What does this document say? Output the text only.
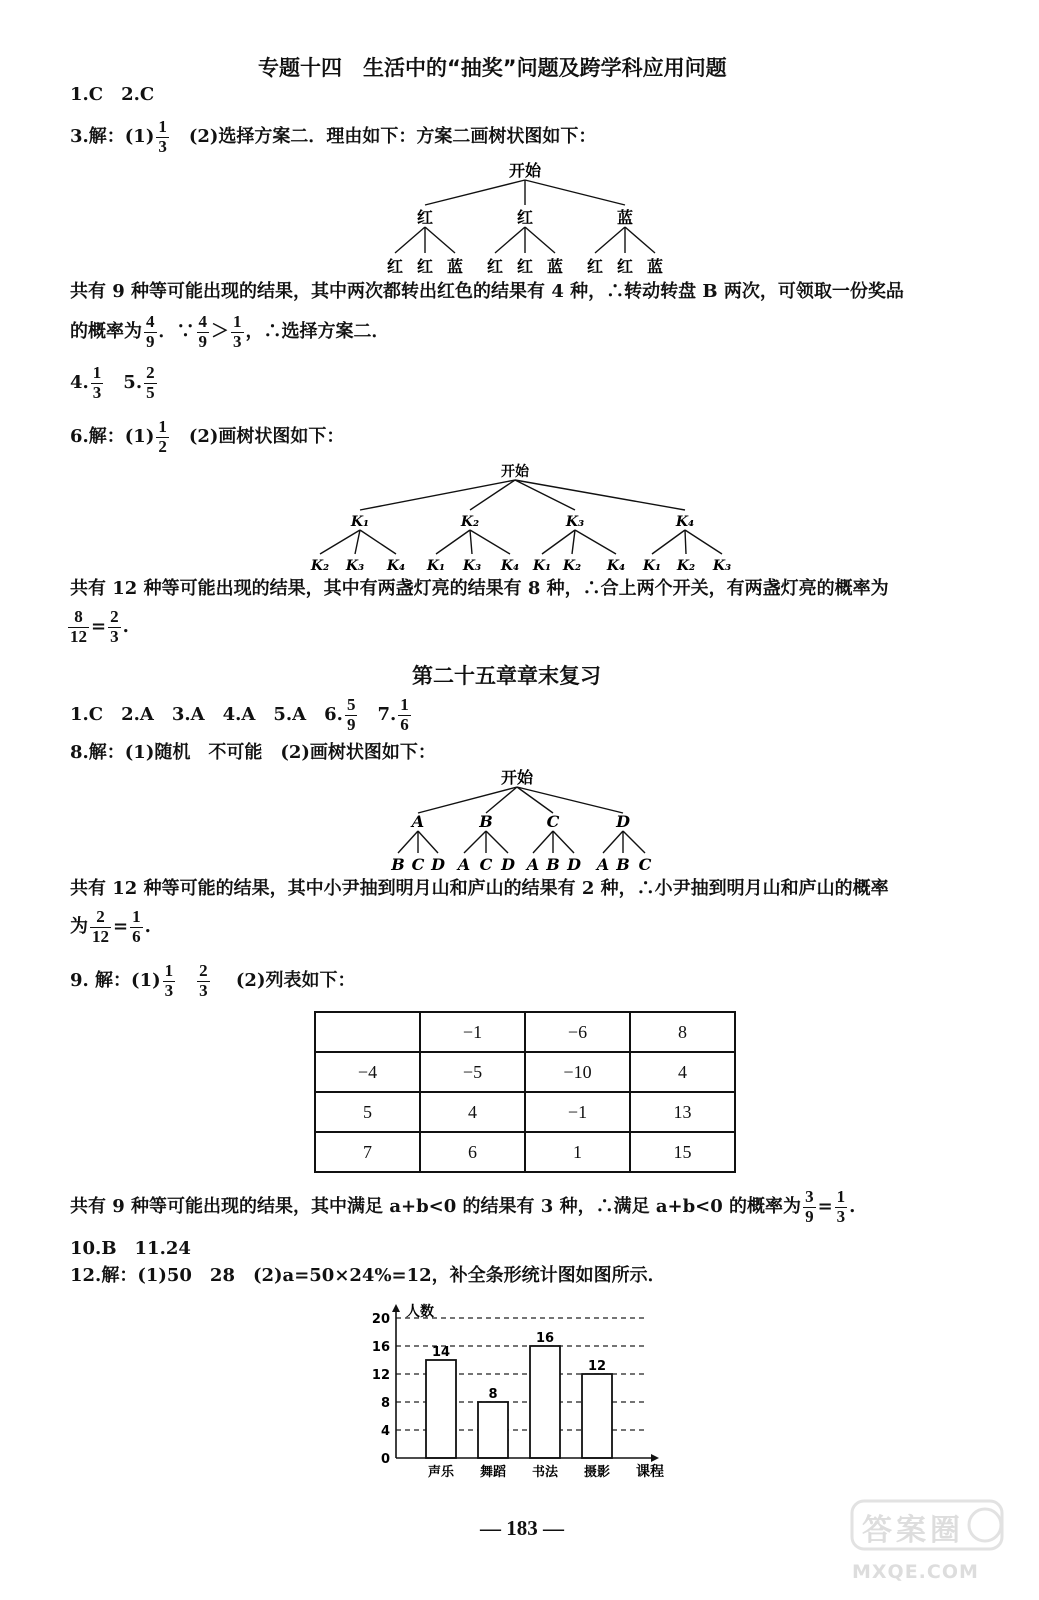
专题十四　生活中的“抽奖”问题及跨学科应用问题
1.C　2.C
3.解：$(1) \frac{1}{3}$
　 (2)选择方案二．理由如下：方案二画树状图如下：
开始
红	红	蓝
红 红 蓝 红 红 蓝 红 红 蓝
共有 9 种等可能出现的结果，其中两次都转出红色的结果有 4 种，∴转动转盘 B 两次，可领取一份奖品
的概率为 $\frac{4}{9}$ ．∵ $\frac{4}{9} > \frac{1}{3}$ ，∴选择方案二．
4. $\frac{1}{3}$
　 5. $\frac{2}{5}$
6.解：$(1) \frac{1}{2}$
　 (2)画树状图如下：
开始
K₁	K₂	K₃	K₄
K₂ K₃ K₄ K₁ K₃ K₄ K₁ K₂ K₄ K₁ K₂ K₃
共有 12 种等可能出现的结果，其中有两盏灯亮的结果有 8 种，∴合上两个开关，有两盏灯亮的概率为
$\frac{8}{12} = \frac{2}{3}$ .
第二十五章章末复习
1.C　2.A　3.A　4.A　5.A　6. $\frac{5}{9}$
　 7. $\frac{1}{6}$
8.解：(1)随机　不可能　(2)画树状图如下：
开始
A	B	C	D
B C D A C D A B D A B C
共有 12 种等可能的结果，其中小尹抽到明月山和庐山的结果有 2 种，∴小尹抽到明月山和庐山的概率
为 $\frac{2}{12} = \frac{1}{6}$ .
9. 解：$(1) \frac{1}{3}$
　 $\frac{2}{3}$
　 (2)列表如下：
	−1	−6	8
−4	−5	−10	4
5	4	−1	13
7	6	1	15
共有 9 种等可能出现的结果，其中满足 a+b<0 的结果有 3 种，∴满足 a+b<0 的概率为 $\frac{3}{9} = \frac{1}{3}$ .
10.B　11.24
12.解：(1)50　28　(2)a=50×24%=12，补全条形统计图如图所示．
14
8
16
12
0
4
8
12
16
20 人数
课程
声乐 舞蹈 书法 摄影
— 183 —	答案圈
MXQE.COM
